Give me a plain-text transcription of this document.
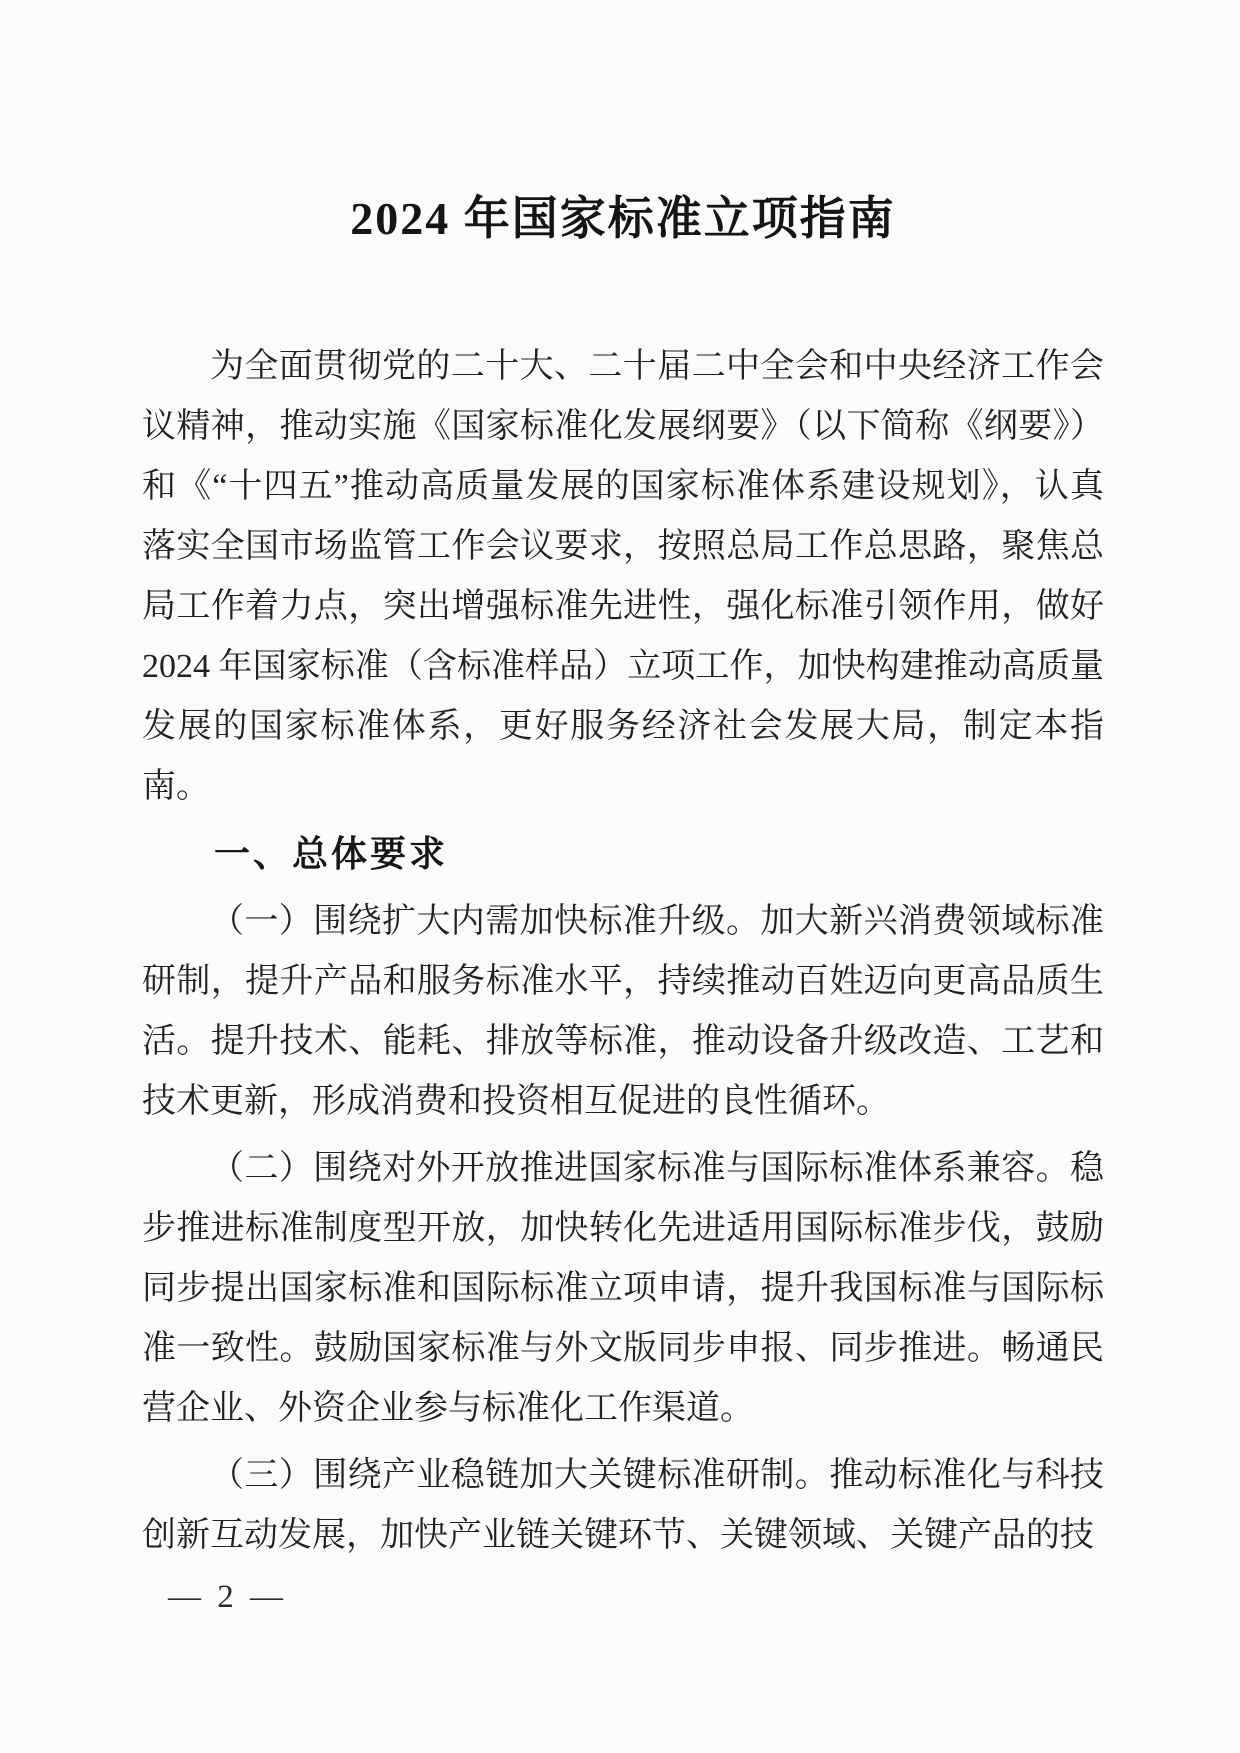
2024 年国家标准立项指南

为全面贯彻党的二十大、二十届二中全会和中央经济工作会议精神，推动实施《国家标准化发展纲要》（以下简称《纲要》）和《“十四五”推动高质量发展的国家标准体系建设规划》，认真落实全国市场监管工作会议要求，按照总局工作总思路，聚焦总局工作着力点，突出增强标准先进性，强化标准引领作用，做好 2024 年国家标准（含标准样品）立项工作，加快构建推动高质量发展的国家标准体系，更好服务经济社会发展大局，制定本指南。

一、总体要求

（一）围绕扩大内需加快标准升级。加大新兴消费领域标准研制，提升产品和服务标准水平，持续推动百姓迈向更高品质生活。提升技术、能耗、排放等标准，推动设备升级改造、工艺和技术更新，形成消费和投资相互促进的良性循环。

（二）围绕对外开放推进国家标准与国际标准体系兼容。稳步推进标准制度型开放，加快转化先进适用国际标准步伐，鼓励同步提出国家标准和国际标准立项申请，提升我国标准与国际标准一致性。鼓励国家标准与外文版同步申报、同步推进。畅通民营企业、外资企业参与标准化工作渠道。

（三）围绕产业稳链加大关键标准研制。推动标准化与科技创新互动发展，加快产业链关键环节、关键领域、关键产品的技

— 2 —
